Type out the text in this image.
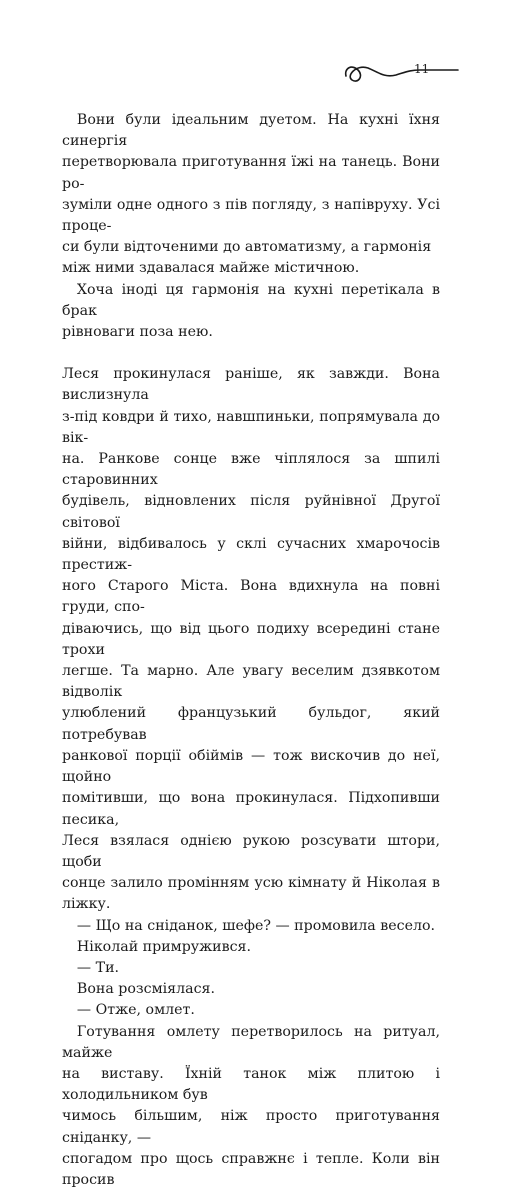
11

Вони були ідеальним дуетом. На кухні їхня синергія

перетворювала приготування їжі на танець. Вони ро-

зуміли одне одного з пів погляду, з напівруху. Усі проце-

си були відточеними до автоматизму, а гармонія

між ними здавалася майже містичною.

Хоча іноді ця гармонія на кухні перетікала в брак

рівноваги поза нею.

Леся прокинулася раніше, як завжди. Вона вислизнула

з-під ковдри й тихо, навшпиньки, попрямувала до вік-

на. Ранкове сонце вже чіплялося за шпилі старовинних

будівель, відновлених після руйнівної Другої світової

війни, відбивалось у склі сучасних хмарочосів престиж-

ного Старого Міста. Вона вдихнула на повні груди, спо-

діваючись, що від цього подиху всередині стане трохи

легше. Та марно. Але увагу веселим дзявкотом відволік

улюблений французький бульдог, який потребував

ранкової порції обіймів — тож вискочив до неї, щойно

помітивши, що вона прокинулася. Підхопивши песика,

Леся взялася однією рукою розсувати штори, щоби

сонце залило промінням усю кімнату й Ніколая в ліжку.

— Що на сніданок, шефе? — промовила весело.

Ніколай примружився.

— Ти.

Вона розсміялася.

— Отже, омлет.

Готування омлету перетворилось на ритуал, майже

на виставу. Їхній танок між плитою і холодильником був

чимось більшим, ніж просто приготування сніданку, —

спогадом про щось справжнє і тепле. Коли він просив
